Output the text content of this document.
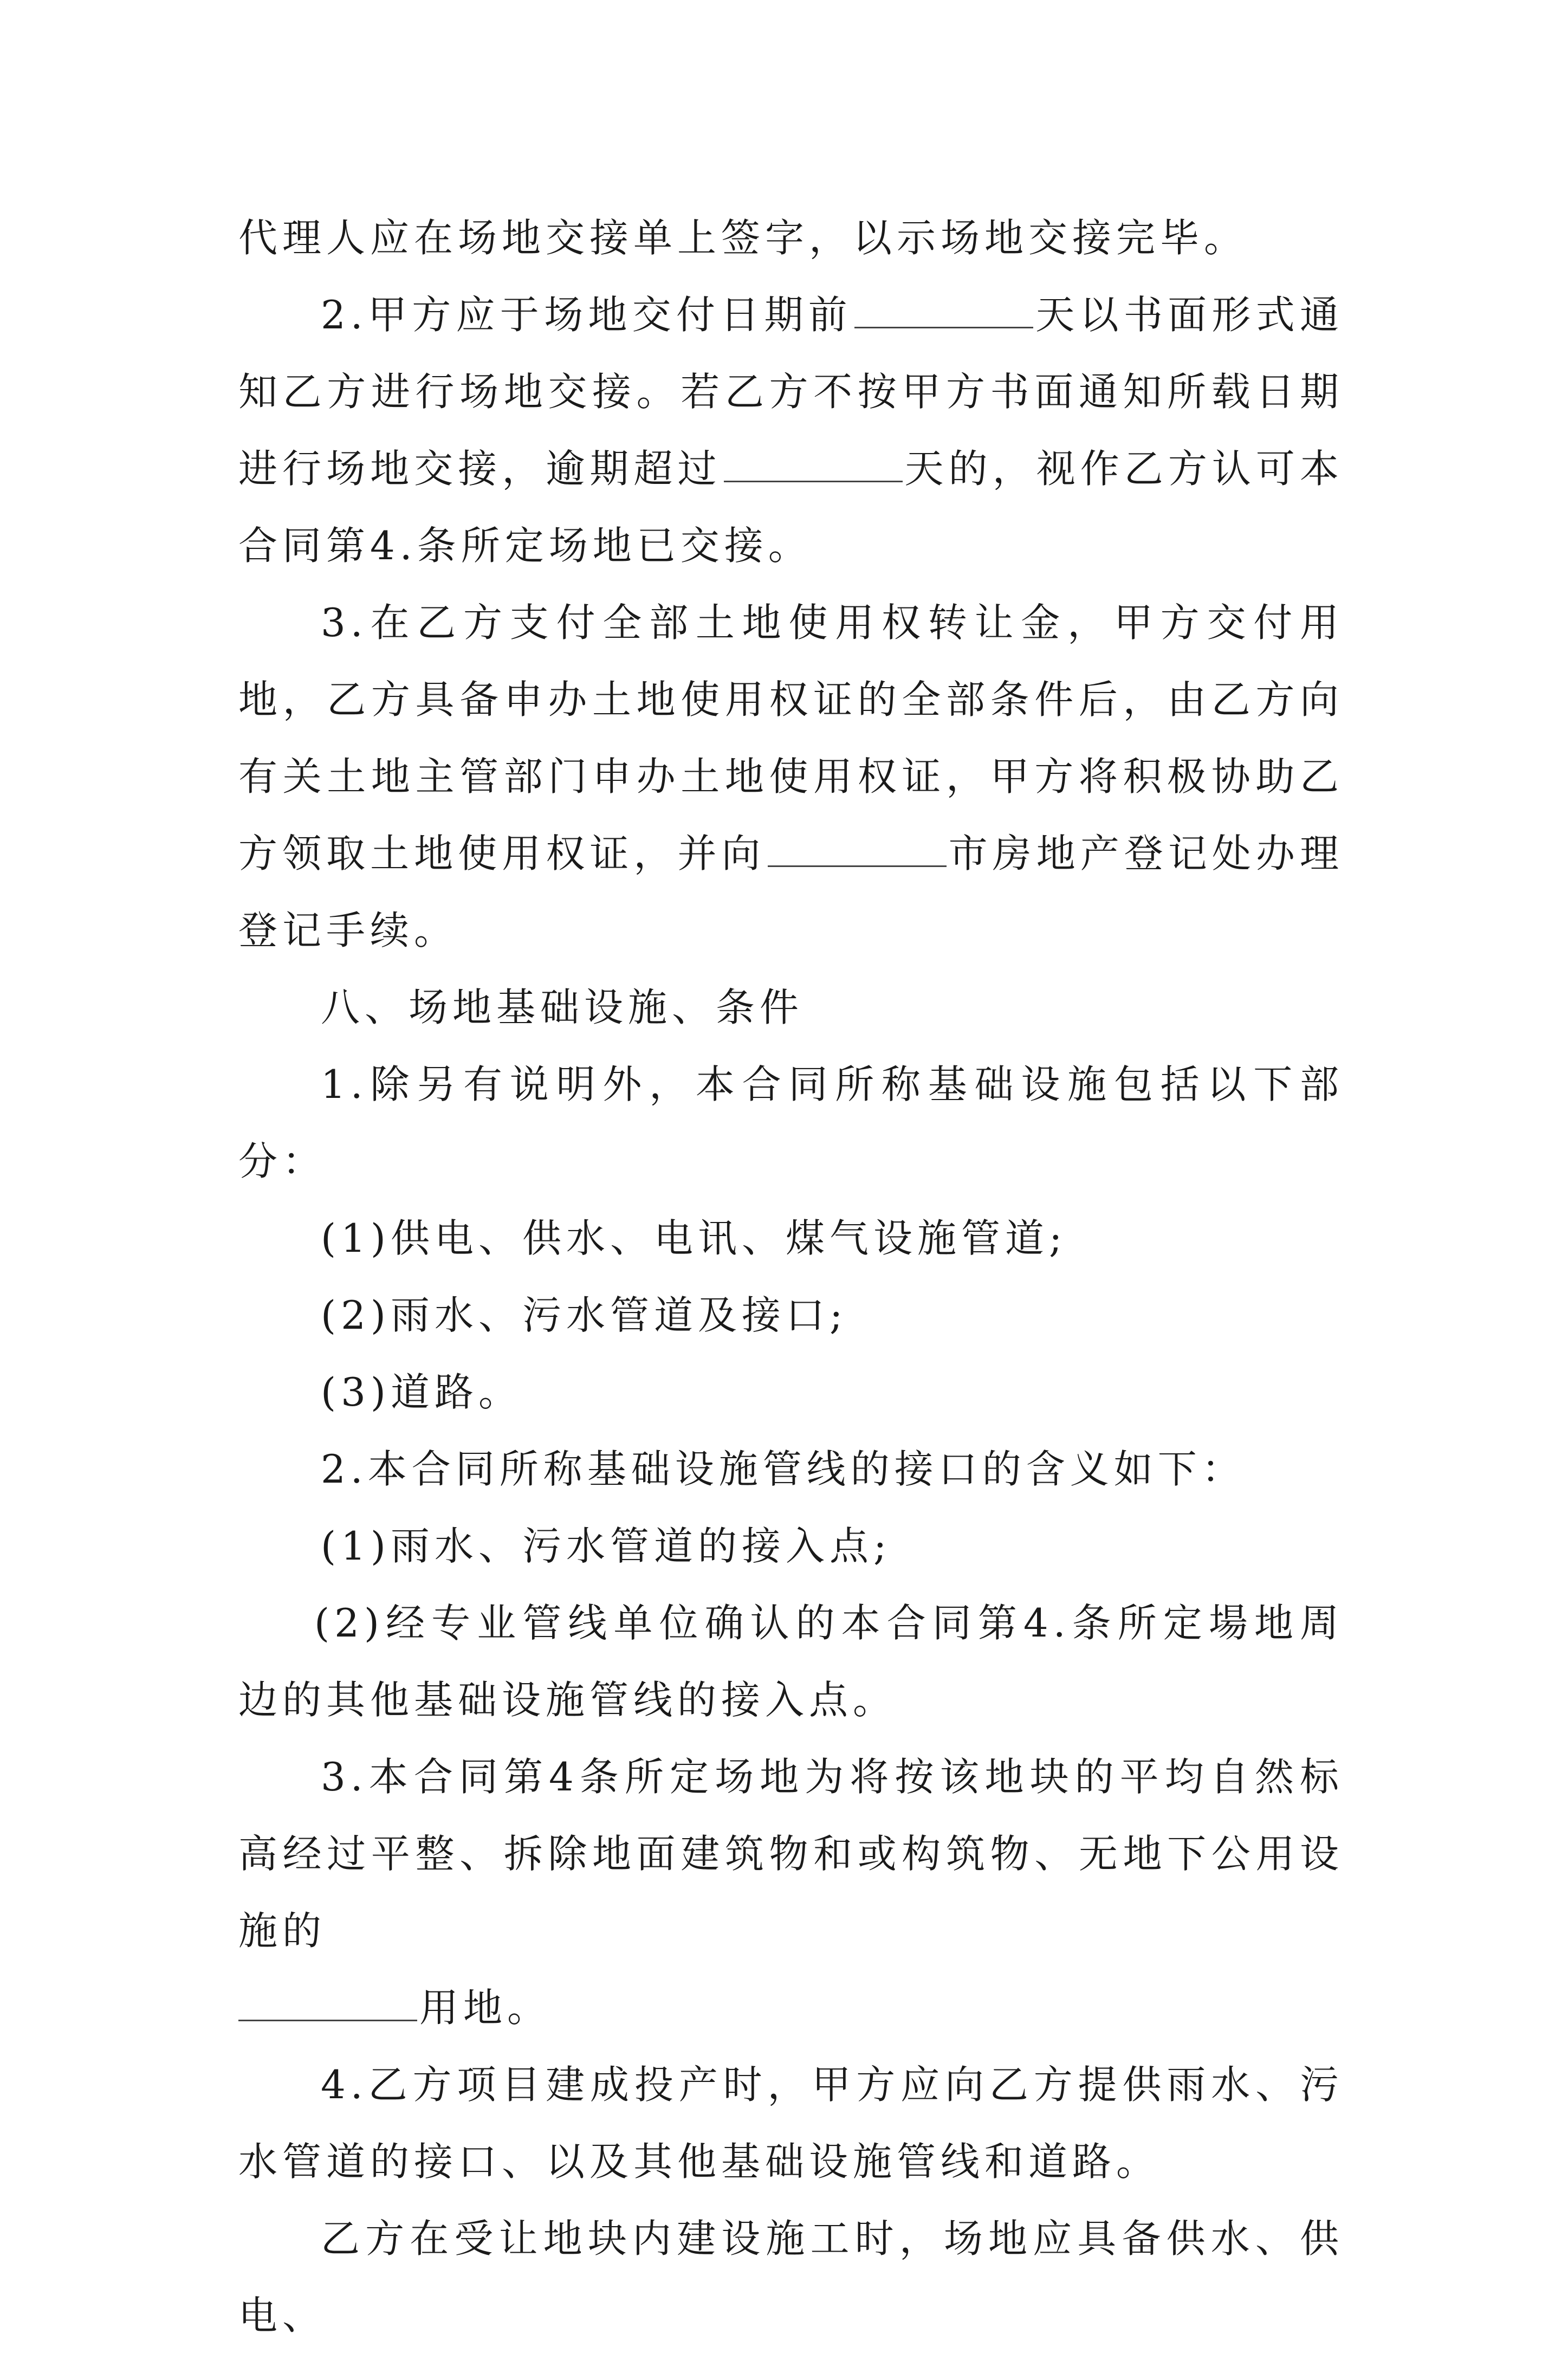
代理人应在场地交接单上签字，以示场地交接完毕。

2.甲方应于场地交付日期前	天以书面形式通知乙方进行场地交接。若乙方不按甲方书面通知所载日期进行场地交接，逾期超过	天的，视作乙方认可本合同第4.条所定场地已交接。

3.在乙方支付全部土地使用权转让金，甲方交付用地，乙方具备申办土地使用权证的全部条件后，由乙方向有关土地主管部门申办土地使用权证，甲方将积极协助乙方领取土地使用权证，并向	市房地产登记处办理登记手续。

八、场地基础设施、条件

1.除另有说明外，本合同所称基础设施包括以下部分：

(1)供电、供水、电讯、煤气设施管道;

(2)雨水、污水管道及接口;

(3)道路。

2.本合同所称基础设施管线的接口的含义如下：

(1)雨水、污水管道的接入点;

(2)经专业管线单位确认的本合同第4.条所定場地周边的其他基础设施管线的接入点。

3.本合同第4条所定场地为将按该地块的平均自然标高经过平整、拆除地面建筑物和或构筑物、无地下公用设施的

用地。

4.乙方项目建成投产时，甲方应向乙方提供雨水、污水管道的接口、以及其他基础设施管线和道路。

乙方在受让地块内建设施工时，场地应具备供水、供电、
